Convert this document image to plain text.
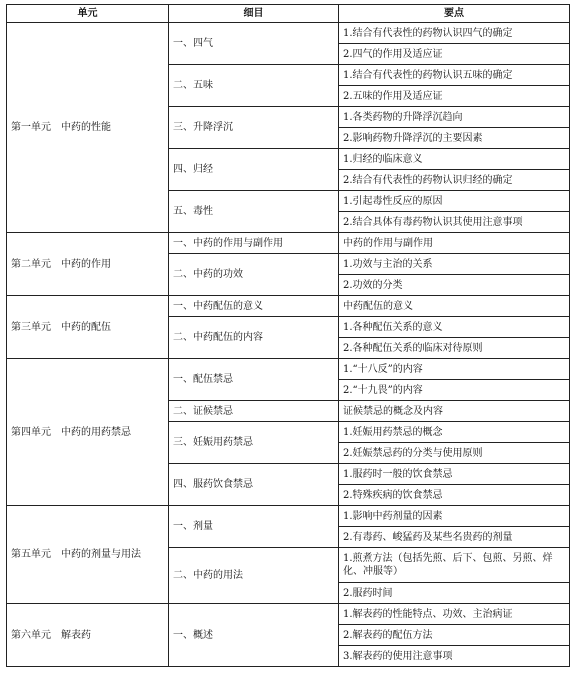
单元	细目	要点
第一单元　中药的性能	一、四气	1.结合有代表性的药物认识四气的确定
		2.四气的作用及适应证
	二、五味	1.结合有代表性的药物认识五味的确定
		2.五味的作用及适应证
	三、升降浮沉	1.各类药物的升降浮沉趋向
		2.影响药物升降浮沉的主要因素
	四、归经	1.归经的临床意义
		2.结合有代表性的药物认识归经的确定
	五、毒性	1.引起毒性反应的原因
		2.结合具体有毒药物认识其使用注意事项
第二单元　中药的作用	一、中药的作用与副作用	中药的作用与副作用
	二、中药的功效	1.功效与主治的关系
		2.功效的分类
第三单元　中药的配伍	一、中药配伍的意义	中药配伍的意义
	二、中药配伍的内容	1.各种配伍关系的意义
		2.各种配伍关系的临床对待原则
第四单元　中药的用药禁忌	一、配伍禁忌	1.“十八反”的内容
		2.“十九畏”的内容
	二、证候禁忌	证候禁忌的概念及内容
	三、妊娠用药禁忌	1.妊娠用药禁忌的概念
		2.妊娠禁忌药的分类与使用原则
	四、服药饮食禁忌	1.服药时一般的饮食禁忌
		2.特殊疾病的饮食禁忌
第五单元　中药的剂量与用法	一、剂量	1.影响中药剂量的因素
		2.有毒药、峻猛药及某些名贵药的剂量
	二、中药的用法	1.煎煮方法（包括先煎、后下、包煎、另煎、烊化、冲服等）
		2.服药时间
第六单元　解表药	一、概述	1.解表药的性能特点、功效、主治病证
		2.解表药的配伍方法
		3.解表药的使用注意事项
